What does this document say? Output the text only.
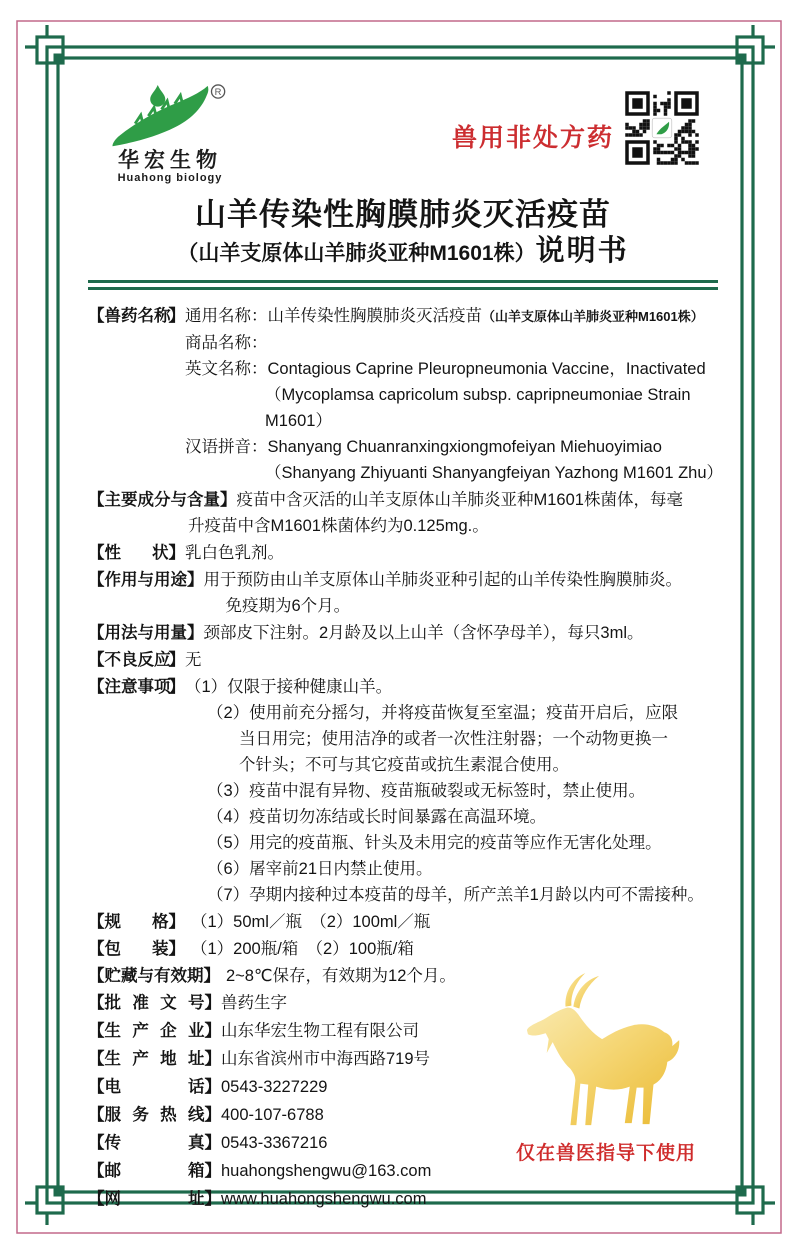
R
华宏生物
Huahong biology
兽用非处方药
山羊传染性胸膜肺炎灭活疫苗
（山羊支原体山羊肺炎亚种M1601株）说明书
【兽药名称】 通用名称：山羊传染性胸膜肺炎灭活疫苗（山羊支原体山羊肺炎亚种M1601株）
商品名称：
英文名称：Contagious Caprine Pleuropneumonia Vaccine，Inactivated
（Mycoplamsa capricolum subsp. capripneumoniae Strain M1601）
汉语拼音：Shanyang Chuanranxingxiongmofeiyan Miehuoyimiao
（Shanyang Zhiyuanti Shanyangfeiyan Yazhong M1601 Zhu）
【主要成分与含量】疫苗中含灭活的山羊支原体山羊肺炎亚种M1601株菌体，每毫
升疫苗中含M1601株菌体约为0.125mg.。
【性状】 乳白色乳剂。
【作用与用途】 用于预防由山羊支原体山羊肺炎亚种引起的山羊传染性胸膜肺炎。
免疫期为6个月。
【用法与用量】 颈部皮下注射。2月龄及以上山羊（含怀孕母羊），每只3ml。
【不良反应】 无
【注意事项】 （1）仅限于接种健康山羊。
（2）使用前充分摇匀，并将疫苗恢复至室温；疫苗开启后，应限
当日用完；使用洁净的或者一次性注射器；一个动物更换一
个针头；不可与其它疫苗或抗生素混合使用。
（3）疫苗中混有异物、疫苗瓶破裂或无标签时，禁止使用。
（4）疫苗切勿冻结或长时间暴露在高温环境。
（5）用完的疫苗瓶、针头及未用完的疫苗等应作无害化处理。
（6）屠宰前21日内禁止使用。
（7）孕期内接种过本疫苗的母羊，所产羔羊1月龄以内可不需接种。
【规格】 （1）50ml／瓶　（2）100ml／瓶
【包装】 （1）200瓶/箱　（2）100瓶/箱
【贮藏与有效期】 2~8℃保存，有效期为12个月。
【批准文号】 兽药生字
【生产企业】 山东华宏生物工程有限公司
【生产地址】 山东省滨州市中海西路719号
【电话】 0543-3227229
【服务热线】 400-107-6788
【传真】 0543-3367216
【邮箱】 huahongshengwu@163.com
【网址】 www.huahongshengwu.com
仅在兽医指导下使用
